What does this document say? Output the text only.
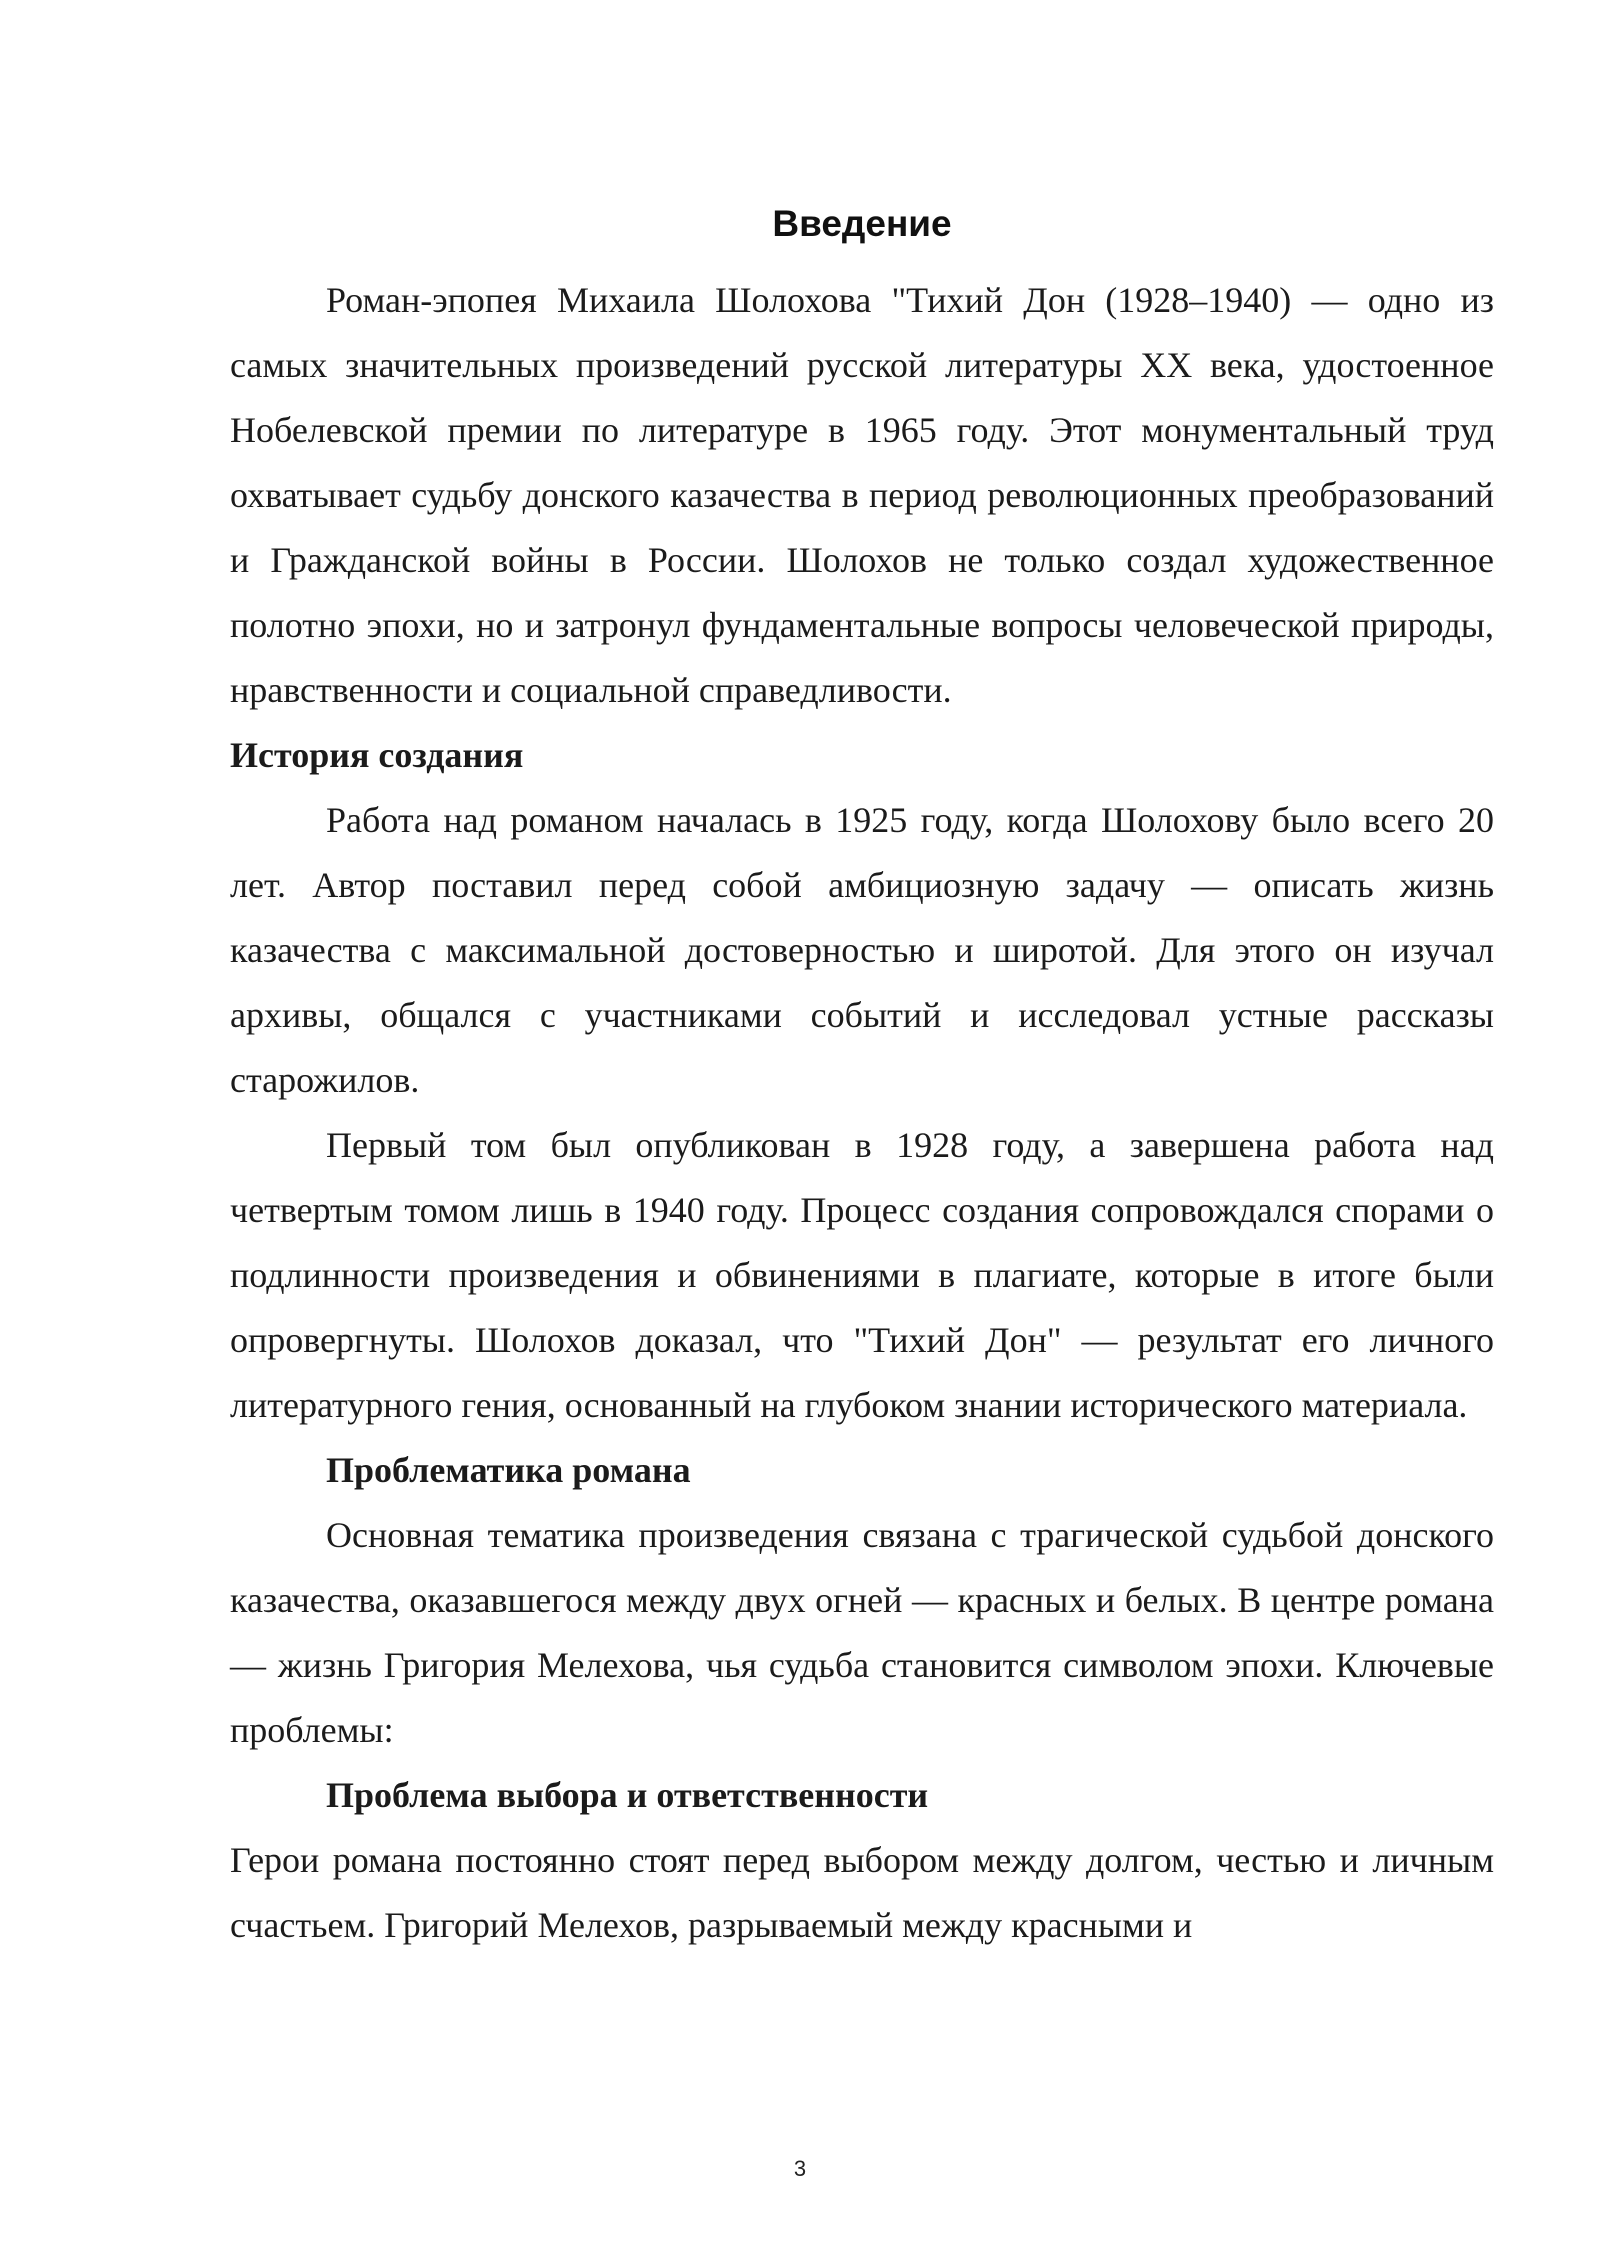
Введение

Роман-эпопея Михаила Шолохова "Тихий Дон (1928–1940) — одно из самых значительных произведений русской литературы XX века, удостоенное Нобелевской премии по литературе в 1965 году. Этот монументальный труд охватывает судьбу донского казачества в период революционных преобразований и Гражданской войны в России. Шолохов не только создал художественное полотно эпохи, но и затронул фундаментальные вопросы человеческой природы, нравственности и социальной справедливости.

История создания

Работа над романом началась в 1925 году, когда Шолохову было всего 20 лет. Автор поставил перед собой амбициозную задачу — описать жизнь казачества с максимальной достоверностью и широтой. Для этого он изучал архивы, общался с участниками событий и исследовал устные рассказы старожилов.

Первый том был опубликован в 1928 году, а завершена работа над четвертым томом лишь в 1940 году. Процесс создания сопровождался спорами о подлинности произведения и обвинениями в плагиате, которые в итоге были опровергнуты. Шолохов доказал, что "Тихий Дон" — результат его личного литературного гения, основанный на глубоком знании исторического материала.

Проблематика романа

Основная тематика произведения связана с трагической судьбой донского казачества, оказавшегося между двух огней — красных и белых. В центре романа — жизнь Григория Мелехова, чья судьба становится символом эпохи. Ключевые проблемы:

Проблема выбора и ответственности

Герои романа постоянно стоят перед выбором между долгом, честью и личным счастьем. Григорий Мелехов, разрываемый между красными и

3
